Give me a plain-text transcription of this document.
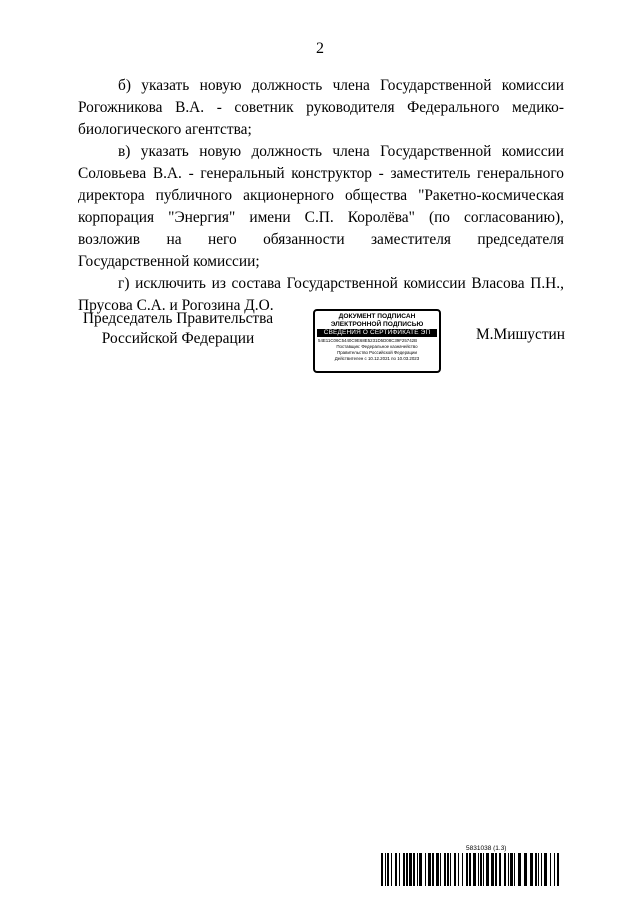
2

б) указать новую должность члена Государственной комиссии Рогожникова В.А. - советник руководителя Федерального медико-биологического агентства;

в) указать новую должность члена Государственной комиссии Соловьева В.А. - генеральный конструктор - заместитель генерального директора публичного акционерного общества "Ракетно-космическая корпорация "Энергия" имени С.П. Королёва" (по согласованию), возложив на него обязанности заместителя председателя Государственной комиссии;

г) исключить из состава Государственной комиссии Власова П.Н., Прусова С.А. и Рогозина Д.О.

Председатель Правительства
Российской Федерации
ДОКУМЕНТ ПОДПИСАН
ЭЛЕКТРОННОЙ ПОДПИСЬЮ
СВЕДЕНИЯ О СЕРТИФИКАТЕ ЭП
54E11C06C5440C9E68E5231D5D08C39F25742B
Поставщик: Федеральное казначейство
Правительство Российской Федерации
Действителен с 10.12.2021 по 10.03.2023
М.Мишустин
5831038 (1.3)
